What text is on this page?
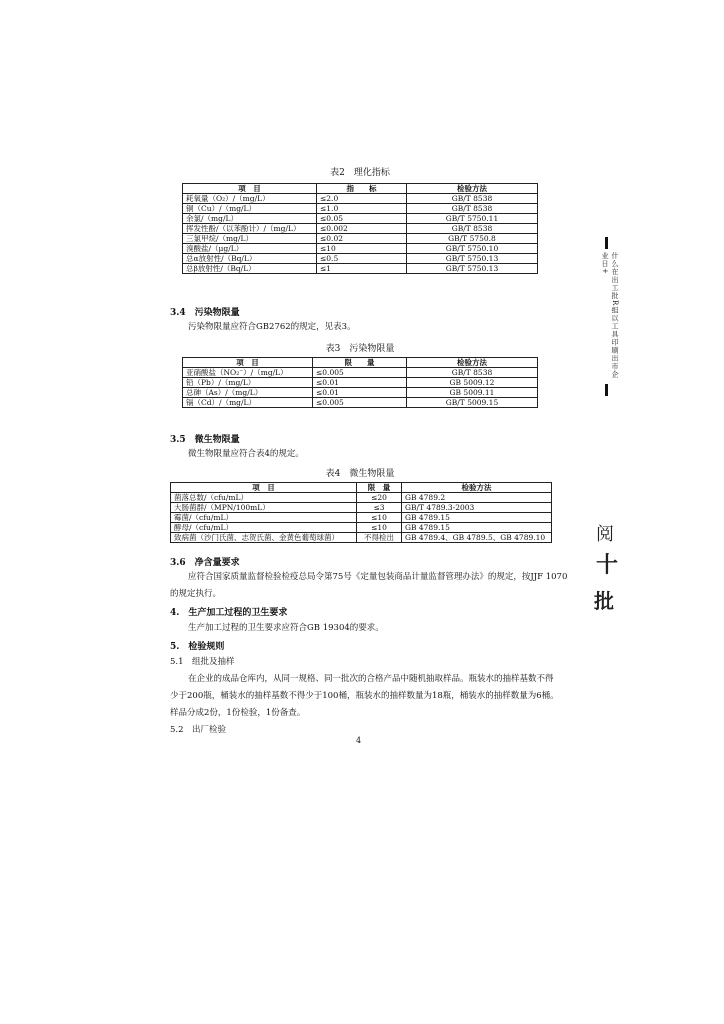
表2　理化指标
项　目	指　　标	检验方法
耗氧量（O₂）/（mg/L）	≤2.0	GB/T 8538
铜（Cu）/（mg/L）	≤1.0	GB/T 8538
余氯/（mg/L）	≤0.05	GB/T 5750.11
挥发性酚/（以苯酚计）/（mg/L）	≤0.002	GB/T 8538
三氯甲烷/（mg/L）	≤0.02	GB/T 5750.8
溴酸盐/（μg/L）	≤10	GB/T 5750.10
总α放射性/（Bq/L）	≤0.5	GB/T 5750.13
总β放射性/（Bq/L）	≤1	GB/T 5750.13
3.4　污染物限量
污染物限量应符合GB2762的规定，见表3。
表3　污染物限量
项　目	限　　量	检验方法
亚硝酸盐（NO₂⁻）/（mg/L）	≤0.005	GB/T 8538
铅（Pb）/（mg/L）	≤0.01	GB 5009.12
总砷（As）/（mg/L）	≤0.01	GB 5009.11
镉（Cd）/（mg/L）	≤0.005	GB/T 5009.15
3.5　微生物限量
微生物限量应符合表4的规定。
表4　微生物限量
项　目	限　量	检验方法
菌落总数/（cfu/mL）	≤20	GB 4789.2
大肠菌群/（MPN/100mL）	≤3	GB/T 4789.3-2003
霉菌/（cfu/mL）	≤10	GB 4789.15
酵母/（cfu/mL）	≤10	GB 4789.15
致病菌（沙门氏菌、志贺氏菌、金黄色葡萄球菌）	不得检出	GB 4789.4、GB 4789.5、GB 4789.10
3.6　净含量要求
应符合国家质量监督检验检疫总局令第75号《定量包装商品计量监督管理办法》的规定，按JJF 1070
的规定执行。
4.　生产加工过程的卫生要求
生产加工过程的卫生要求应符合GB 19304的要求。
5.　检验规则
5.1　组批及抽样
在企业的成品仓库内，从同一规格、同一批次的合格产品中随机抽取样品。瓶装水的抽样基数不得
少于200瓶，桶装水的抽样基数不得少于100桶，瓶装水的抽样数量为18瓶，桶装水的抽样数量为6桶。
样品分成2份，1份检验，1份备查。
5.2　出厂检验
4
什么在出工批R组以工具印刷出市企业日+
阅
十
批
